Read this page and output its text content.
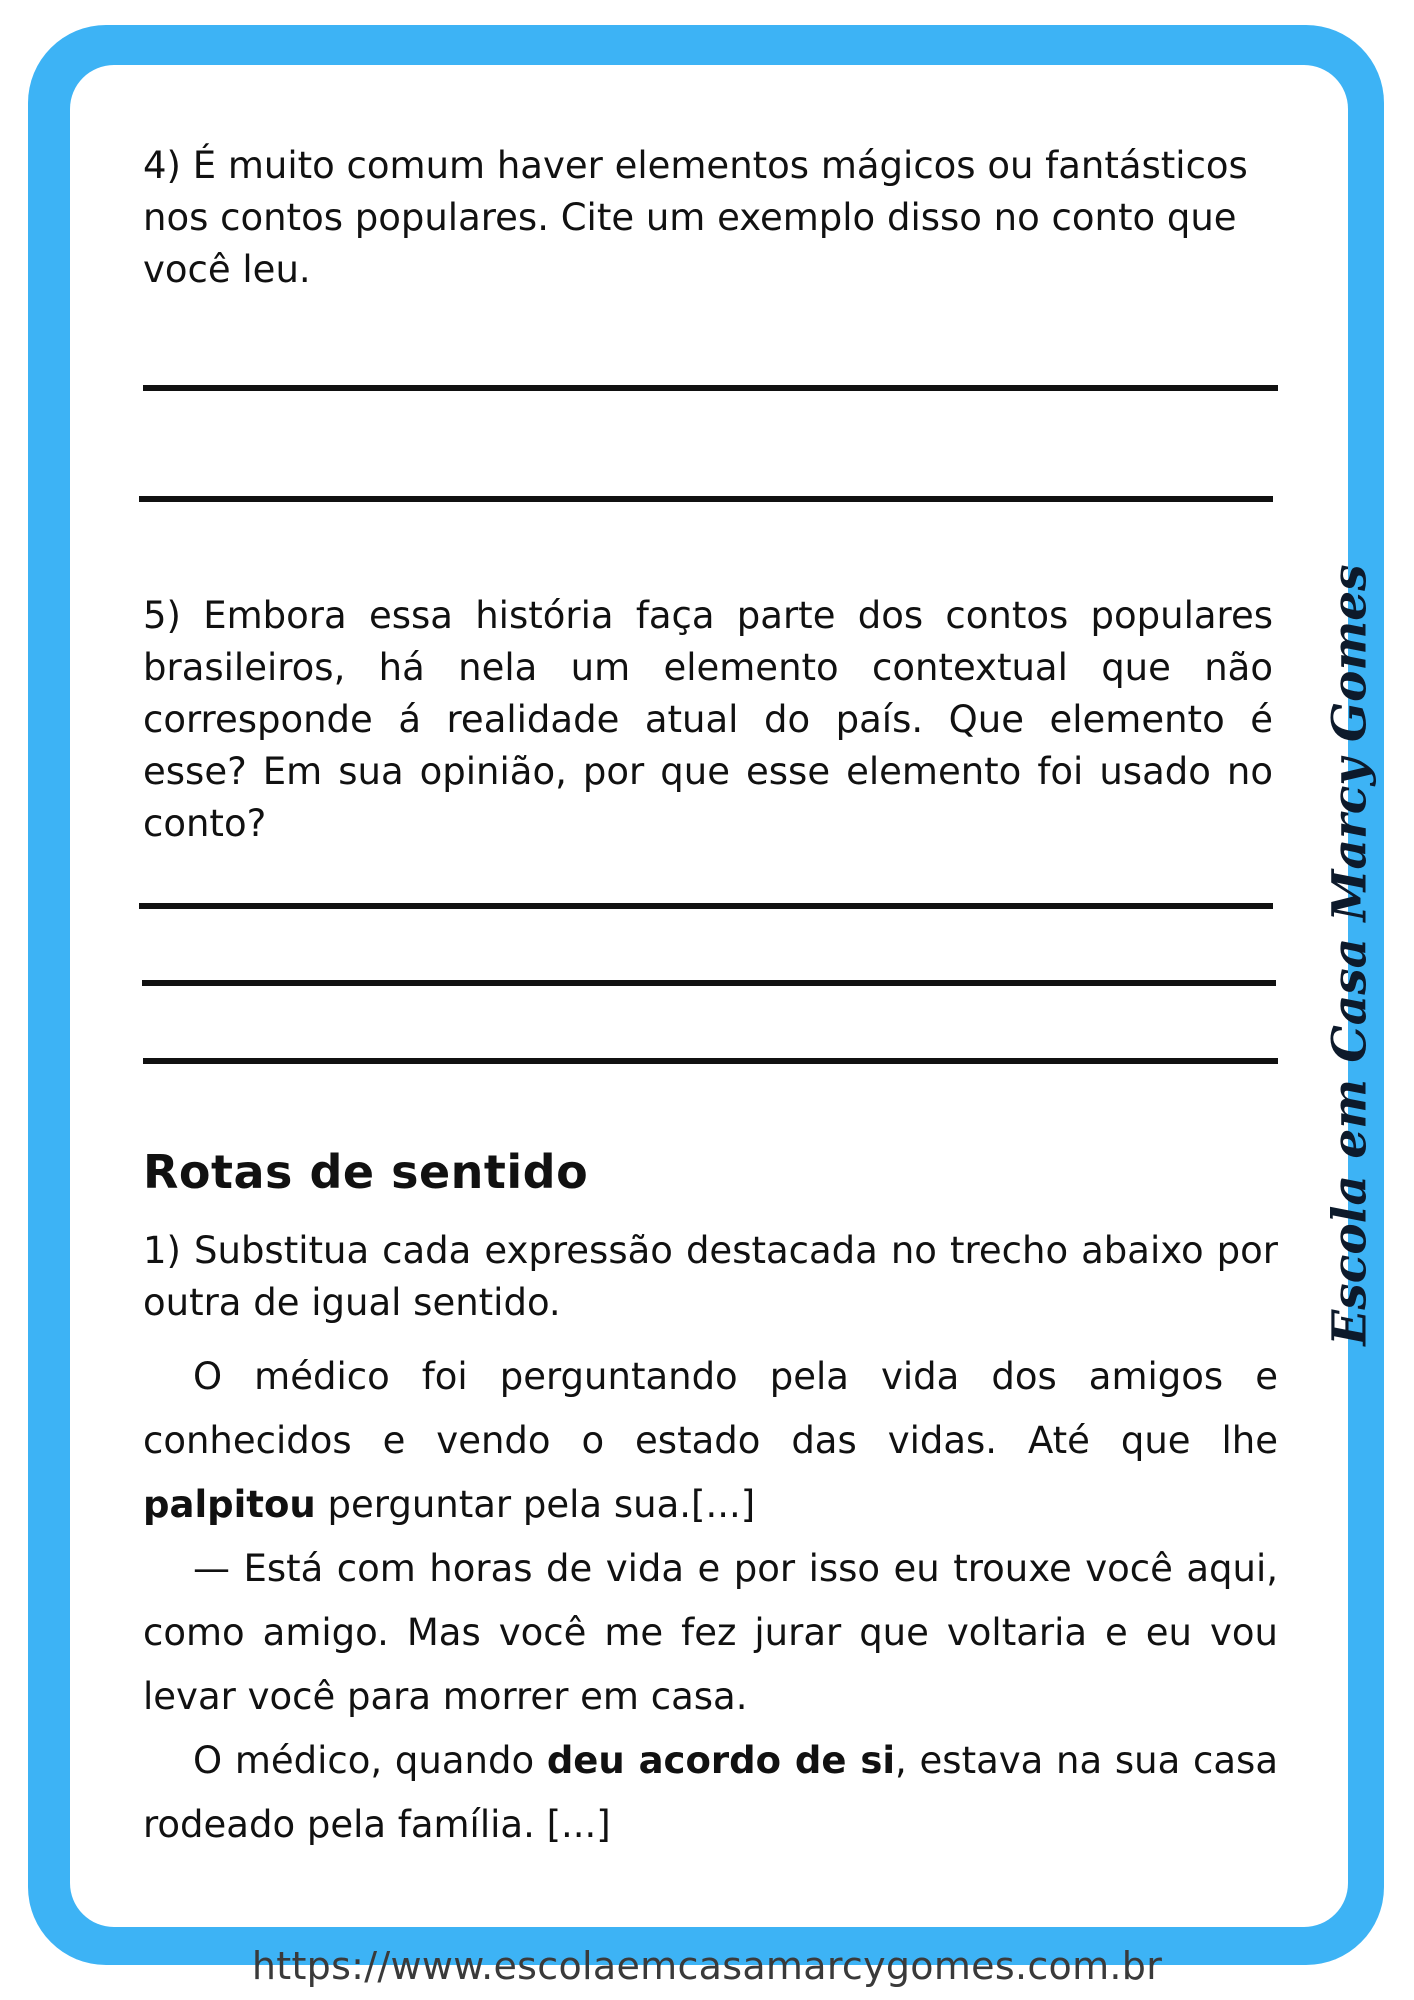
4) É muito comum haver elementos mágicos ou fantásticos nos contos populares. Cite um exemplo disso no conto que você leu.

5) Embora essa história faça parte dos contos populares brasileiros, há nela um elemento contextual que não corresponde á realidade atual do país. Que elemento é esse? Em sua opinião, por que esse elemento foi usado no conto?

Rotas de sentido

1) Substitua cada expressão destacada no trecho abaixo por outra de igual sentido.

O médico foi perguntando pela vida dos amigos e conhecidos e vendo o estado das vidas. Até que lhe palpitou perguntar pela sua.[...]

— Está com horas de vida e por isso eu trouxe você aqui, como amigo. Mas você me fez jurar que voltaria e eu vou levar você para morrer em casa.

O médico, quando deu acordo de si, estava na sua casa rodeado pela família. [...]

Escola em Casa Marcy Gomes
https://www.escolaemcasamarcygomes.com.br
